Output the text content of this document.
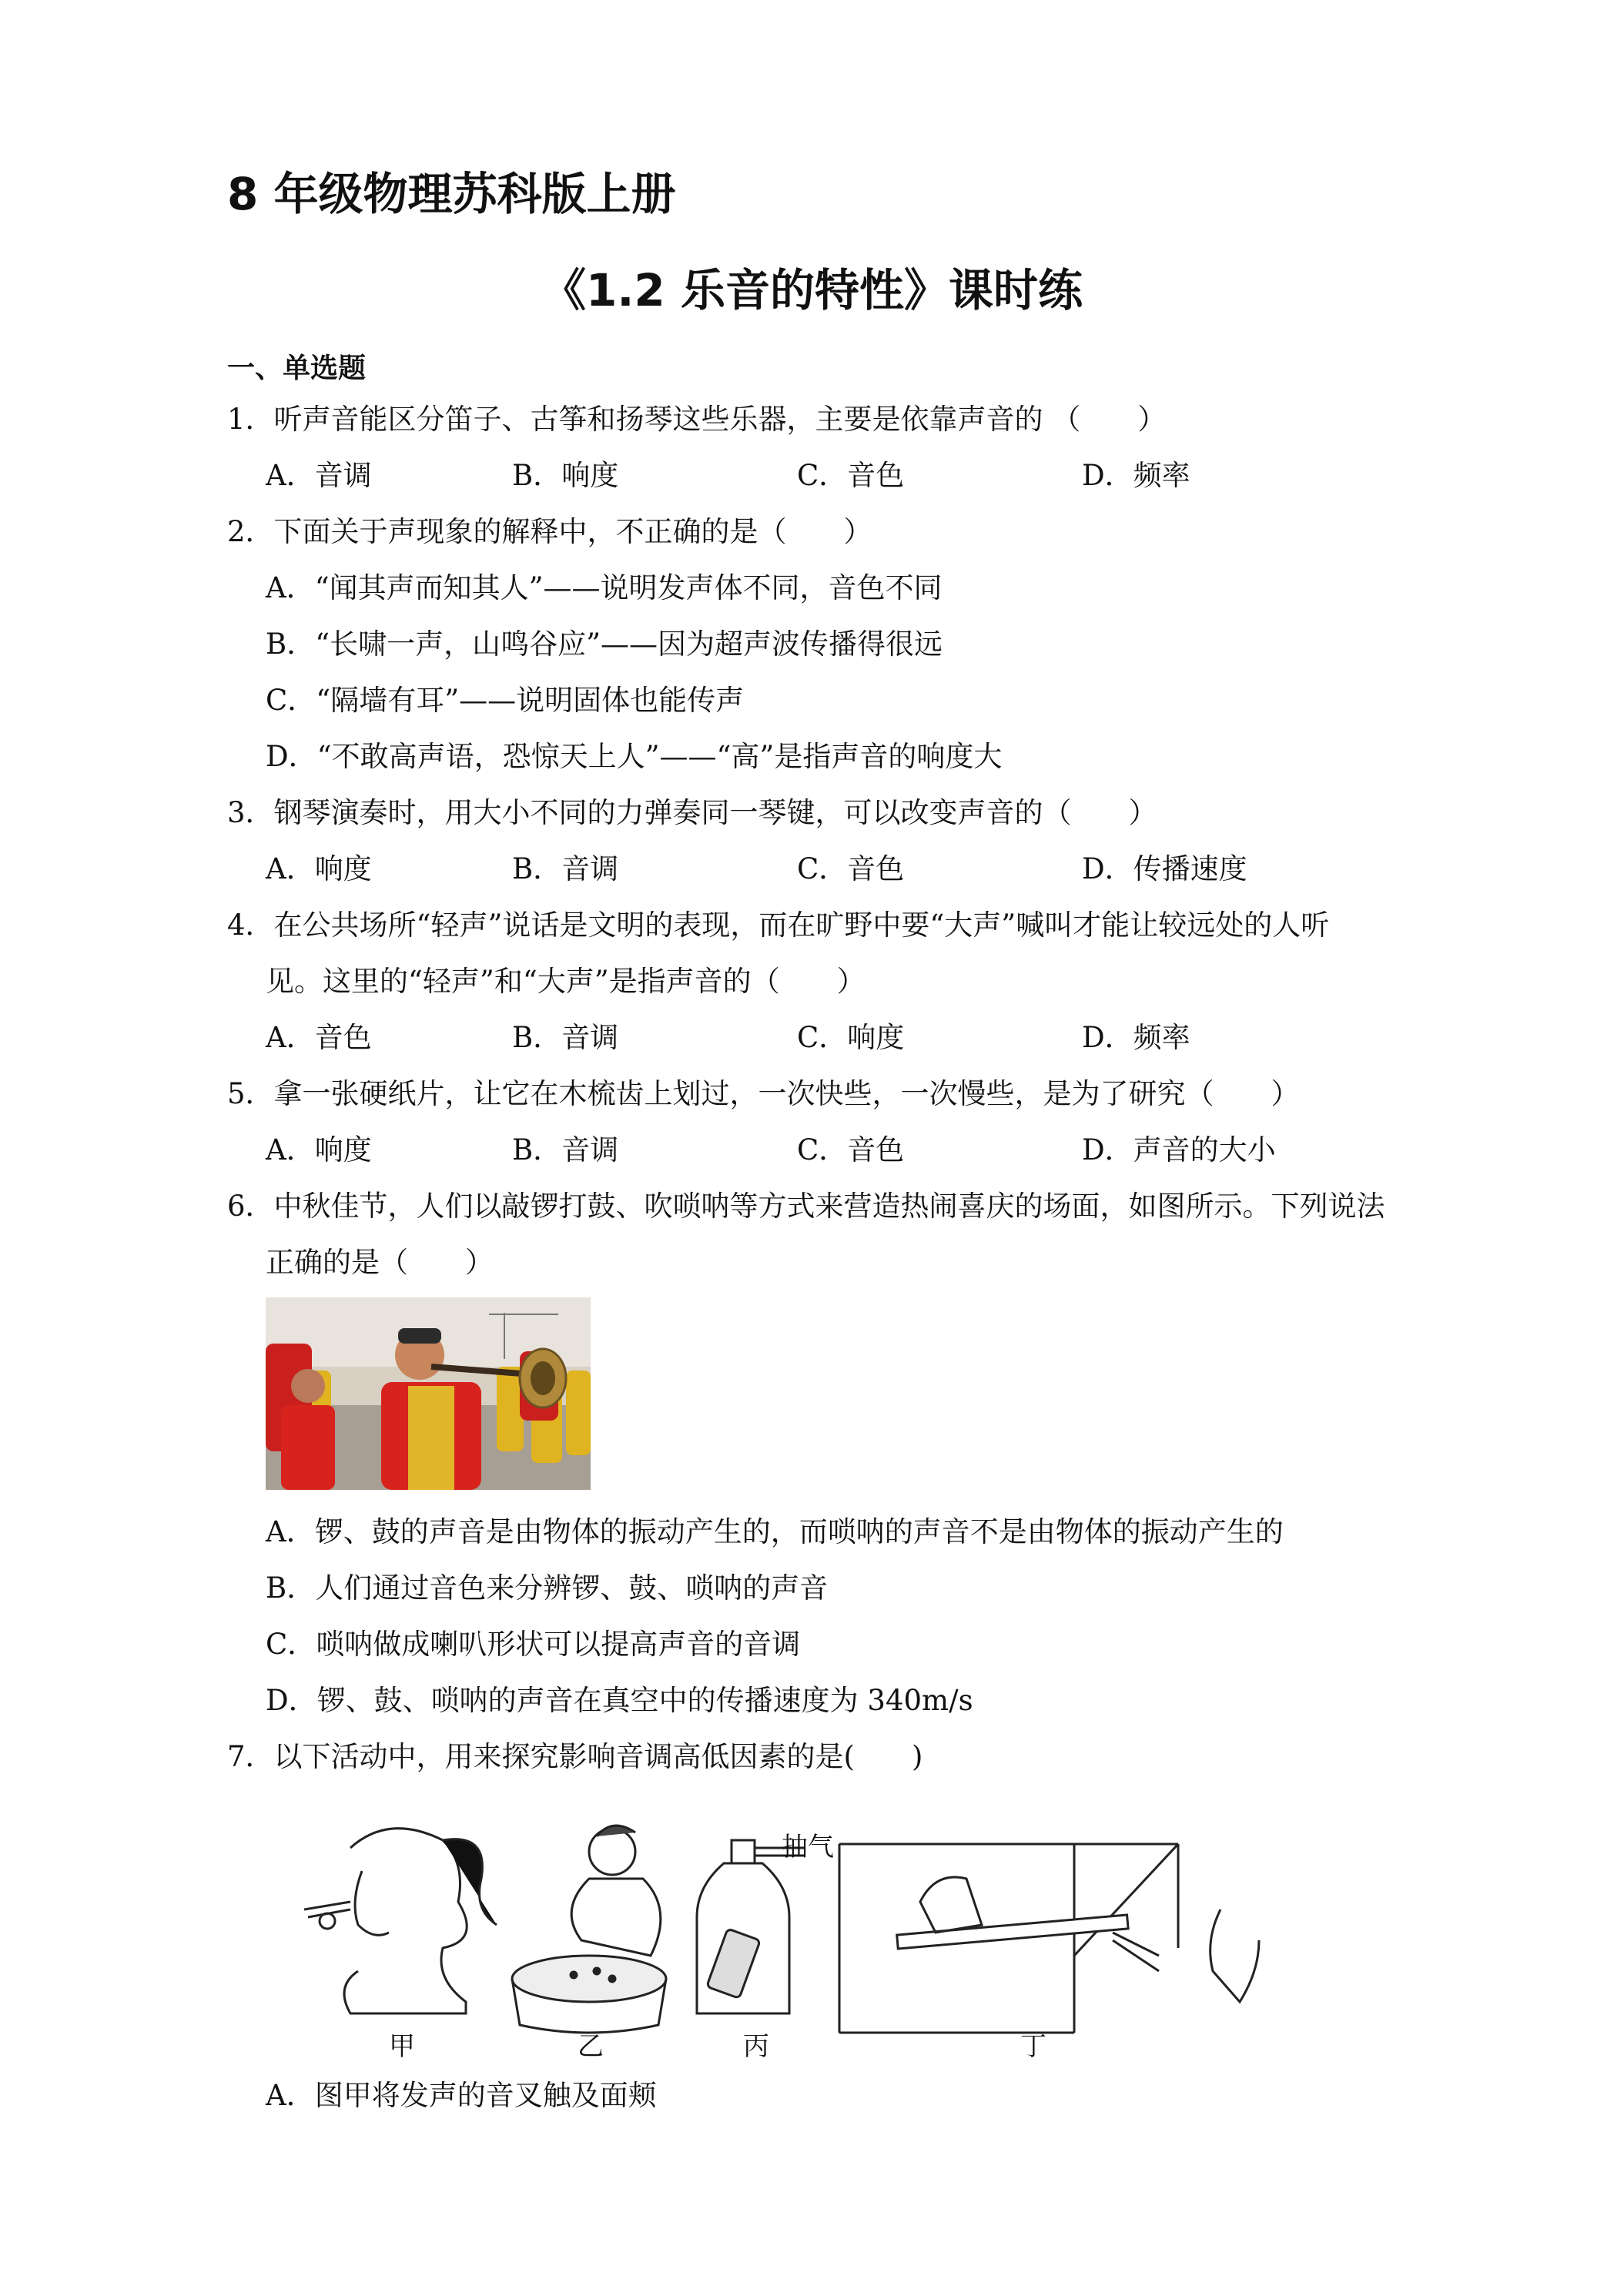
8 年级物理苏科版上册
《1.2 乐音的特性》课时练
一、单选题
1．听声音能区分笛子、古筝和扬琴这些乐器，主要是依靠声音的 （　　）
A．音调	B．响度	C．音色	D．频率
2．下面关于声现象的解释中，不正确的是（　　）
A．“闻其声而知其人”——说明发声体不同，音色不同
B．“长啸一声，山鸣谷应”——因为超声波传播得很远
C．“隔墙有耳”——说明固体也能传声
D．“不敢高声语，恐惊天上人”——“高”是指声音的响度大
3．钢琴演奏时，用大小不同的力弹奏同一琴键，可以改变声音的（　　）
A．响度	B．音调	C．音色	D．传播速度
4．在公共场所“轻声”说话是文明的表现，而在旷野中要“大声”喊叫才能让较远处的人听
见。这里的“轻声”和“大声”是指声音的（　　）
A．音色	B．音调	C．响度	D．频率
5．拿一张硬纸片，让它在木梳齿上划过，一次快些，一次慢些，是为了研究（　　）
A．响度	B．音调	C．音色	D．声音的大小
6．中秋佳节，人们以敲锣打鼓、吹唢呐等方式来营造热闹喜庆的场面，如图所示。下列说法
正确的是（　　）
A．锣、鼓的声音是由物体的振动产生的，而唢呐的声音不是由物体的振动产生的
B．人们通过音色来分辨锣、鼓、唢呐的声音
C．唢呐做成喇叭形状可以提高声音的音调
D．锣、鼓、唢呐的声音在真空中的传播速度为 340m/s
7．以下活动中，用来探究影响音调高低因素的是(　　)
抽气
甲	乙	丙	丁
A．图甲将发声的音叉触及面颊
